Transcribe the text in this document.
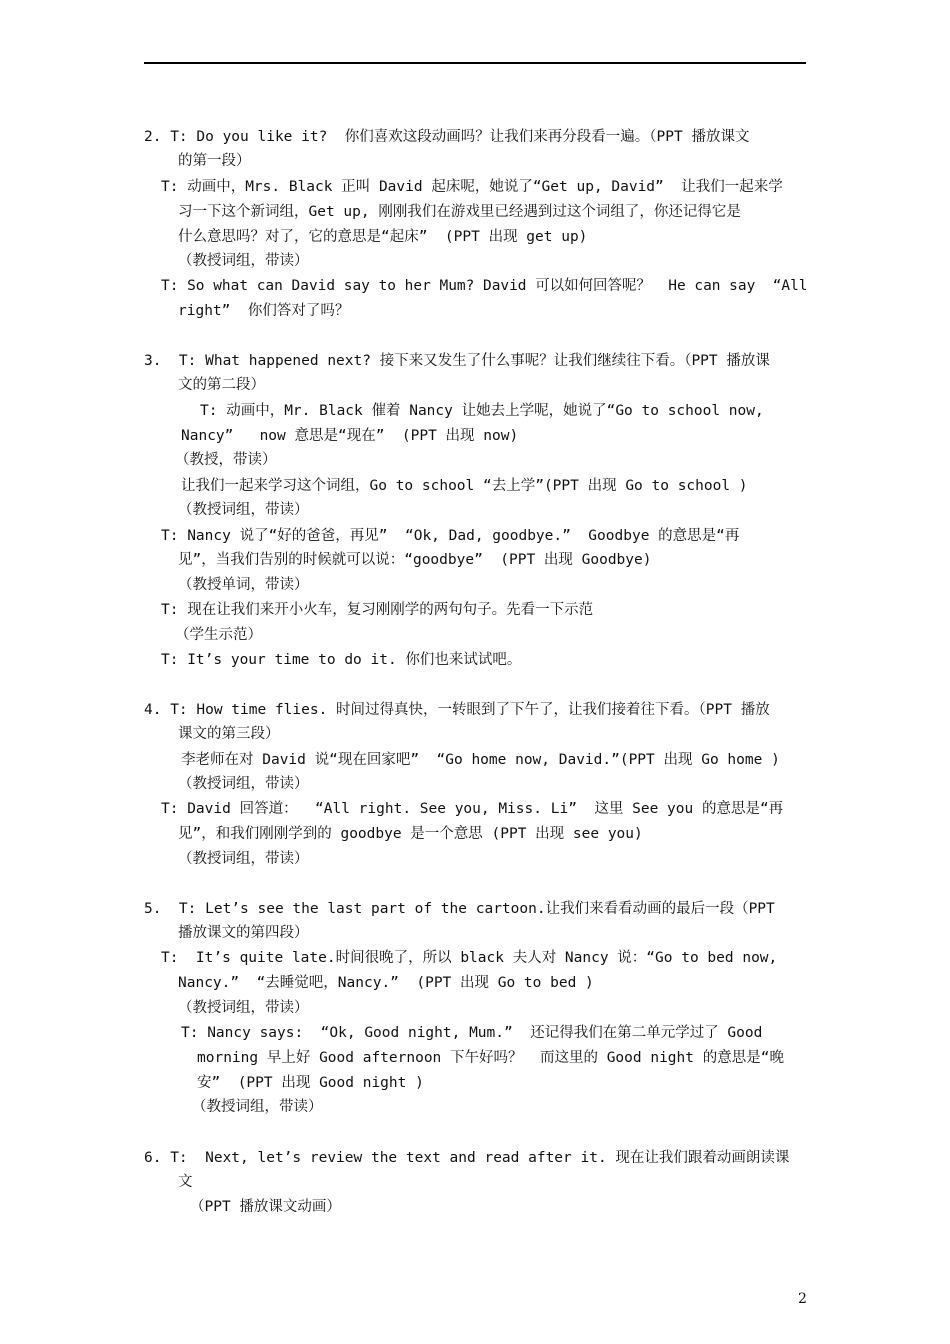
2. T: Do you like it?  你们喜欢这段动画吗？让我们来再分段看一遍。（PPT 播放课文
的第一段）
T: 动画中，Mrs. Black 正叫 David 起床呢，她说了“Get up, David”  让我们一起来学
习一下这个新词组，Get up, 刚刚我们在游戏里已经遇到过这个词组了，你还记得它是
什么意思吗？对了，它的意思是“起床”  (PPT 出现 get up)
（教授词组，带读）
T: So what can David say to her Mum? David 可以如何回答呢？  He can say  “All
right”  你们答对了吗？
3.  T: What happened next? 接下来又发生了什么事呢？让我们继续往下看。（PPT 播放课
文的第二段）
T: 动画中，Mr. Black 催着 Nancy 让她去上学呢，她说了“Go to school now,
Nancy”   now 意思是“现在”  (PPT 出现 now)
（教授，带读）
让我们一起来学习这个词组，Go to school “去上学”(PPT 出现 Go to school )
（教授词组，带读）
T: Nancy 说了“好的爸爸，再见”  “Ok, Dad, goodbye.”  Goodbye 的意思是“再
见”，当我们告别的时候就可以说：“goodbye”  (PPT 出现 Goodbye)
（教授单词，带读）
T: 现在让我们来开小火车，复习刚刚学的两句句子。先看一下示范
（学生示范）
T: It’s your time to do it. 你们也来试试吧。
4. T: How time flies. 时间过得真快，一转眼到了下午了，让我们接着往下看。（PPT 播放
课文的第三段）
李老师在对 David 说“现在回家吧”  “Go home now, David.”(PPT 出现 Go home )
（教授词组，带读）
T: David 回答道：  “All right. See you, Miss. Li”  这里 See you 的意思是“再
见”，和我们刚刚学到的 goodbye 是一个意思 (PPT 出现 see you)
（教授词组，带读）
5.  T: Let’s see the last part of the cartoon.让我们来看看动画的最后一段（PPT
播放课文的第四段）
T:  It’s quite late.时间很晚了，所以 black 夫人对 Nancy 说：“Go to bed now,
Nancy.”  “去睡觉吧，Nancy.”  (PPT 出现 Go to bed )
（教授词组，带读）
T: Nancy says:  “Ok, Good night, Mum.”  还记得我们在第二单元学过了 Good
morning 早上好 Good afternoon 下午好吗？  而这里的 Good night 的意思是“晚
安”  (PPT 出现 Good night )
（教授词组，带读）
6. T:  Next, let’s review the text and read after it. 现在让我们跟着动画朗读课
文
（PPT 播放课文动画）
2
